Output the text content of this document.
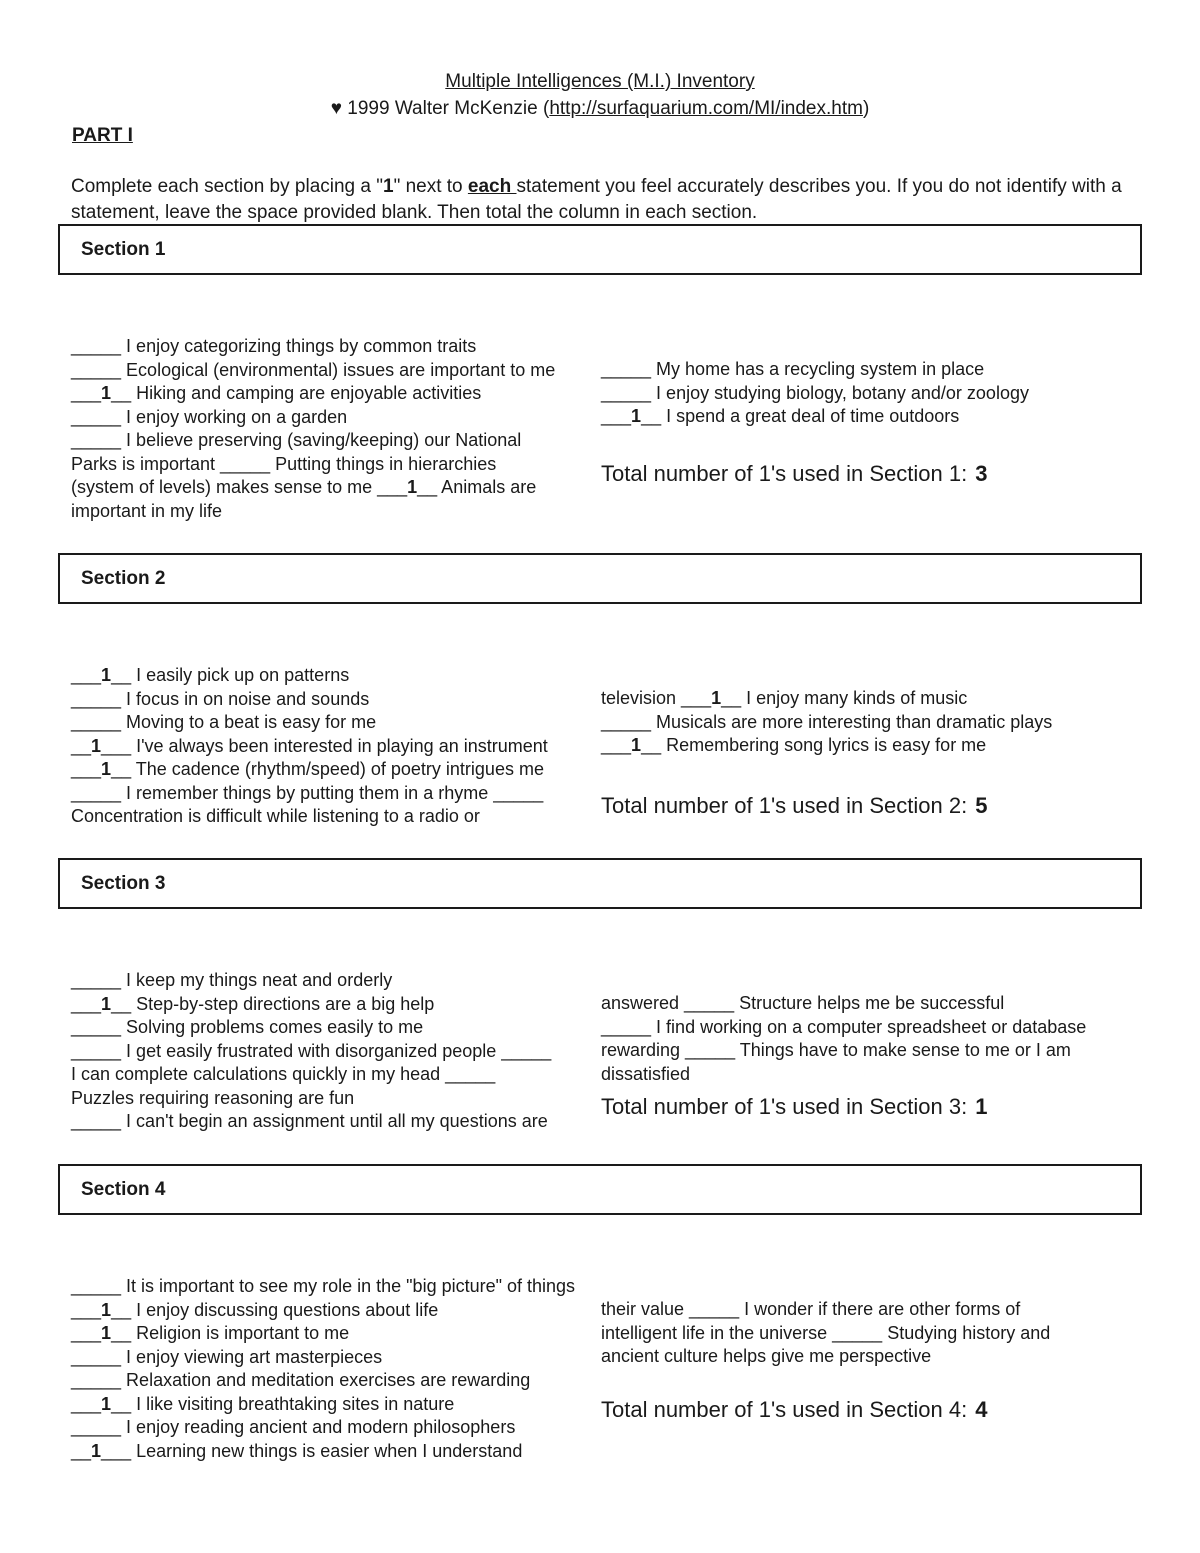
Multiple Intelligences (M.I.) Inventory
♥ 1999 Walter McKenzie (http://surfaquarium.com/MI/index.htm)
PART I
Complete each section by placing a "1" next to each statement you feel accurately describes you. If you do not identify with a statement, leave the space provided blank. Then total the column in each section.
Section 1
_____ I enjoy categorizing things by common traits
_____ Ecological (environmental) issues are important to me
___1__ Hiking and camping are enjoyable activities
_____ I enjoy working on a garden
_____ I believe preserving (saving/keeping) our National
Parks is important _____ Putting things in hierarchies
(system of levels) makes sense to me ___1__ Animals are
important in my life
_____ My home has a recycling system in place
_____ I enjoy studying biology, botany and/or zoology
___1__ I spend a great deal of time outdoors
Total number of 1's used in Section 1: 3
Section 2
___1__ I easily pick up on patterns
_____ I focus in on noise and sounds
_____ Moving to a beat is easy for me
__1___ I've always been interested in playing an instrument
___1__ The cadence (rhythm/speed) of poetry intrigues me
_____ I remember things by putting them in a rhyme _____
Concentration is difficult while listening to a radio or
television ___1__ I enjoy many kinds of music
_____ Musicals are more interesting than dramatic plays
___1__ Remembering song lyrics is easy for me
Total number of 1's used in Section 2: 5
Section 3
_____ I keep my things neat and orderly
___1__ Step-by-step directions are a big help
_____ Solving problems comes easily to me
_____ I get easily frustrated with disorganized people _____
I can complete calculations quickly in my head _____
Puzzles requiring reasoning are fun
_____ I can't begin an assignment until all my questions are
answered _____ Structure helps me be successful
_____ I find working on a computer spreadsheet or database
rewarding _____ Things have to make sense to me or I am
dissatisfied
Total number of 1's used in Section 3: 1
Section 4
_____ It is important to see my role in the "big picture" of things
___1__ I enjoy discussing questions about life
___1__ Religion is important to me
_____ I enjoy viewing art masterpieces
_____ Relaxation and meditation exercises are rewarding
___1__ I like visiting breathtaking sites in nature
_____ I enjoy reading ancient and modern philosophers
__1___ Learning new things is easier when I understand
their value _____ I wonder if there are other forms of
intelligent life in the universe _____ Studying history and
ancient culture helps give me perspective
Total number of 1's used in Section 4: 4
